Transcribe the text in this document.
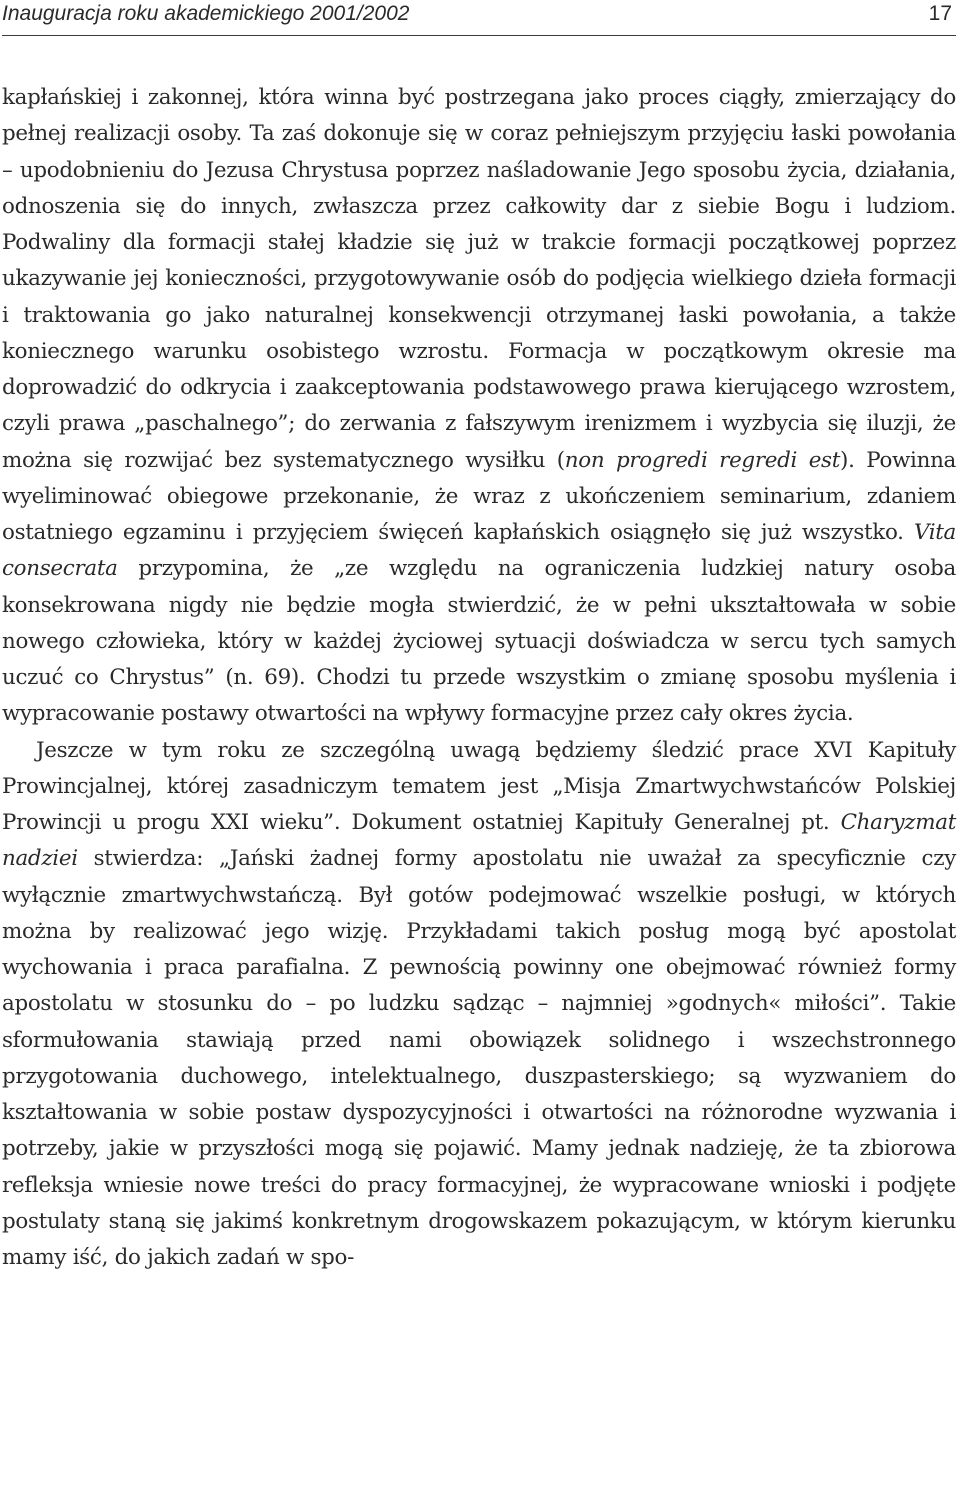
Inauguracja roku akademickiego 2001/2002	17

kapłańskiej i zakonnej, która winna być postrzegana jako proces ciągły, zmierzający do pełnej realizacji osoby. Ta zaś dokonuje się w coraz pełniejszym przyjęciu łaski powołania – upodobnieniu do Jezusa Chrystusa poprzez naśladowanie Jego sposobu życia, działania, odnoszenia się do innych, zwłaszcza przez całkowity dar z siebie Bogu i ludziom. Podwaliny dla formacji stałej kładzie się już w trakcie formacji początkowej poprzez ukazywanie jej konieczności, przygotowywanie osób do podjęcia wielkiego dzieła formacji i traktowania go jako naturalnej konsekwencji otrzymanej łaski powołania, a także koniecznego warunku osobistego wzrostu. Formacja w początkowym okresie ma doprowadzić do odkrycia i zaakceptowania podstawowego prawa kierującego wzrostem, czyli prawa „paschalnego”; do zerwania z fałszywym irenizmem i wyzbycia się iluzji, że można się rozwijać bez systematycznego wysiłku (non progredi regredi est). Powinna wyeliminować obiegowe przekonanie, że wraz z ukończeniem seminarium, zdaniem ostatniego egzaminu i przyjęciem święceń kapłańskich osiągnęło się już wszystko. Vita consecrata przypomina, że „ze względu na ograniczenia ludzkiej natury osoba konsekrowana nigdy nie będzie mogła stwierdzić, że w pełni ukształtowała w sobie nowego człowieka, który w każdej życiowej sytuacji doświadcza w sercu tych samych uczuć co Chrystus” (n. 69). Chodzi tu przede wszystkim o zmianę sposobu myślenia i wypracowanie postawy otwartości na wpływy formacyjne przez cały okres życia.

Jeszcze w tym roku ze szczególną uwagą będziemy śledzić prace XVI Kapituły Prowincjalnej, której zasadniczym tematem jest „Misja Zmartwychwstańców Polskiej Prowincji u progu XXI wieku”. Dokument ostatniej Kapituły Generalnej pt. Charyzmat nadziei stwierdza: „Jański żadnej formy apostolatu nie uważał za specyficznie czy wyłącznie zmartwychwstańczą. Był gotów podejmować wszelkie posługi, w których można by realizować jego wizję. Przykładami takich posług mogą być apostolat wychowania i praca parafialna. Z pewnością powinny one obejmować również formy apostolatu w stosunku do – po ludzku sądząc – najmniej »godnych« miłości”. Takie sformułowania stawiają przed nami obowiązek solidnego i wszechstronnego przygotowania duchowego, intelektualnego, duszpasterskiego; są wyzwaniem do kształtowania w sobie postaw dyspozycyjności i otwartości na różnorodne wyzwania i potrzeby, jakie w przyszłości mogą się pojawić. Mamy jednak nadzieję, że ta zbiorowa refleksja wniesie nowe treści do pracy formacyjnej, że wypracowane wnioski i podjęte postulaty staną się jakimś konkretnym drogowskazem pokazującym, w którym kierunku mamy iść, do jakich zadań w spo-
